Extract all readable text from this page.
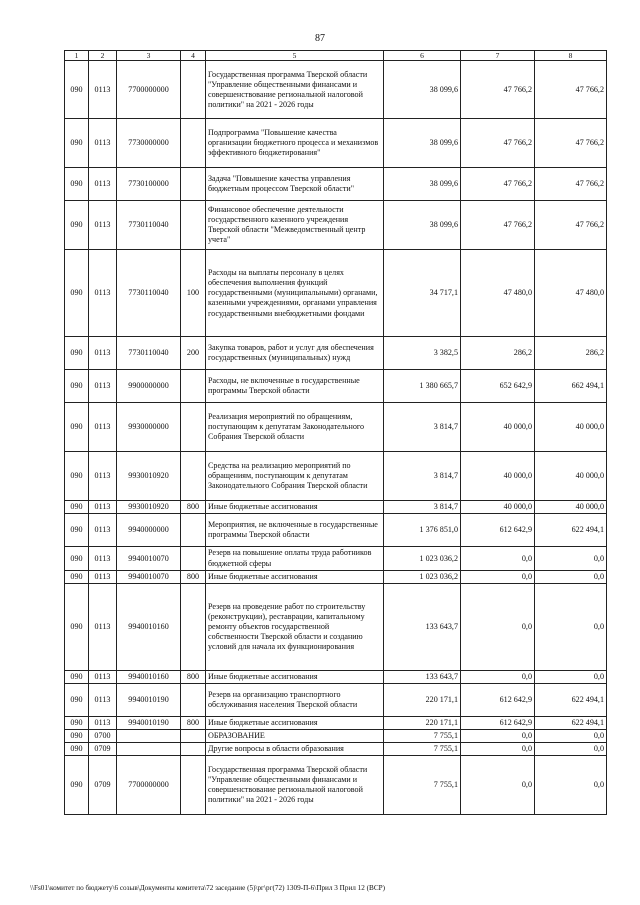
87
1	2	3	4	5	6	7	8
090	0113	7700000000		Государственная программа Тверской области "Управление общественными финансами и совершенствование региональной налоговой политики" на 2021 - 2026 годы	38 099,6	47 766,2	47 766,2
090	0113	7730000000		Подпрограмма "Повышение качества организации бюджетного процесса и механизмов эффективного бюджетирования"	38 099,6	47 766,2	47 766,2
090	0113	7730100000		Задача "Повышение качества управления бюджетным процессом Тверской области"	38 099,6	47 766,2	47 766,2
090	0113	7730110040		Финансовое обеспечение деятельности государственного казенного учреждения Тверской области "Межведомственный центр учета"	38 099,6	47 766,2	47 766,2
090	0113	7730110040	100	Расходы на выплаты персоналу в целях обеспечения выполнения функций государственными (муниципальными) органами, казенными учреждениями, органами управления государственными внебюджетными фондами	34 717,1	47 480,0	47 480,0
090	0113	7730110040	200	Закупка товаров, работ и услуг для обеспечения государственных (муниципальных) нужд	3 382,5	286,2	286,2
090	0113	9900000000		Расходы, не включенные в государственные программы Тверской области	1 380 665,7	652 642,9	662 494,1
090	0113	9930000000		Реализация мероприятий по обращениям, поступающим к депутатам Законодательного Собрания Тверской области	3 814,7	40 000,0	40 000,0
090	0113	9930010920		Средства на реализацию мероприятий по обращениям, поступающим к депутатам Законодательного Собрания Тверской области	3 814,7	40 000,0	40 000,0
090	0113	9930010920	800	Иные бюджетные ассигнования	3 814,7	40 000,0	40 000,0
090	0113	9940000000		Мероприятия, не включенные в государственные программы Тверской области	1 376 851,0	612 642,9	622 494,1
090	0113	9940010070		Резерв на повышение оплаты труда работников бюджетной сферы	1 023 036,2	0,0	0,0
090	0113	9940010070	800	Иные бюджетные ассигнования	1 023 036,2	0,0	0,0
090	0113	9940010160		Резерв на проведение работ по строительству (реконструкции), реставрации, капитальному ремонту объектов государственной собственности Тверской области и созданию условий для начала их функционирования	133 643,7	0,0	0,0
090	0113	9940010160	800	Иные бюджетные ассигнования	133 643,7	0,0	0,0
090	0113	9940010190		Резерв на организацию транспортного обслуживания населения Тверской области	220 171,1	612 642,9	622 494,1
090	0113	9940010190	800	Иные бюджетные ассигнования	220 171,1	612 642,9	622 494,1
090	0700			ОБРАЗОВАНИЕ	7 755,1	0,0	0,0
090	0709			Другие вопросы в области образования	7 755,1	0,0	0,0
090	0709	7700000000		Государственная программа Тверской области "Управление общественными финансами и совершенствование региональной налоговой политики" на 2021 - 2026 годы	7 755,1	0,0	0,0
\\Fs01\комитет по бюджету\6 созыв\Документы комитета\72 заседание (5)\рг\рг(72) 1309-П-6\Прил 3 Прил 12 (ВСР)
